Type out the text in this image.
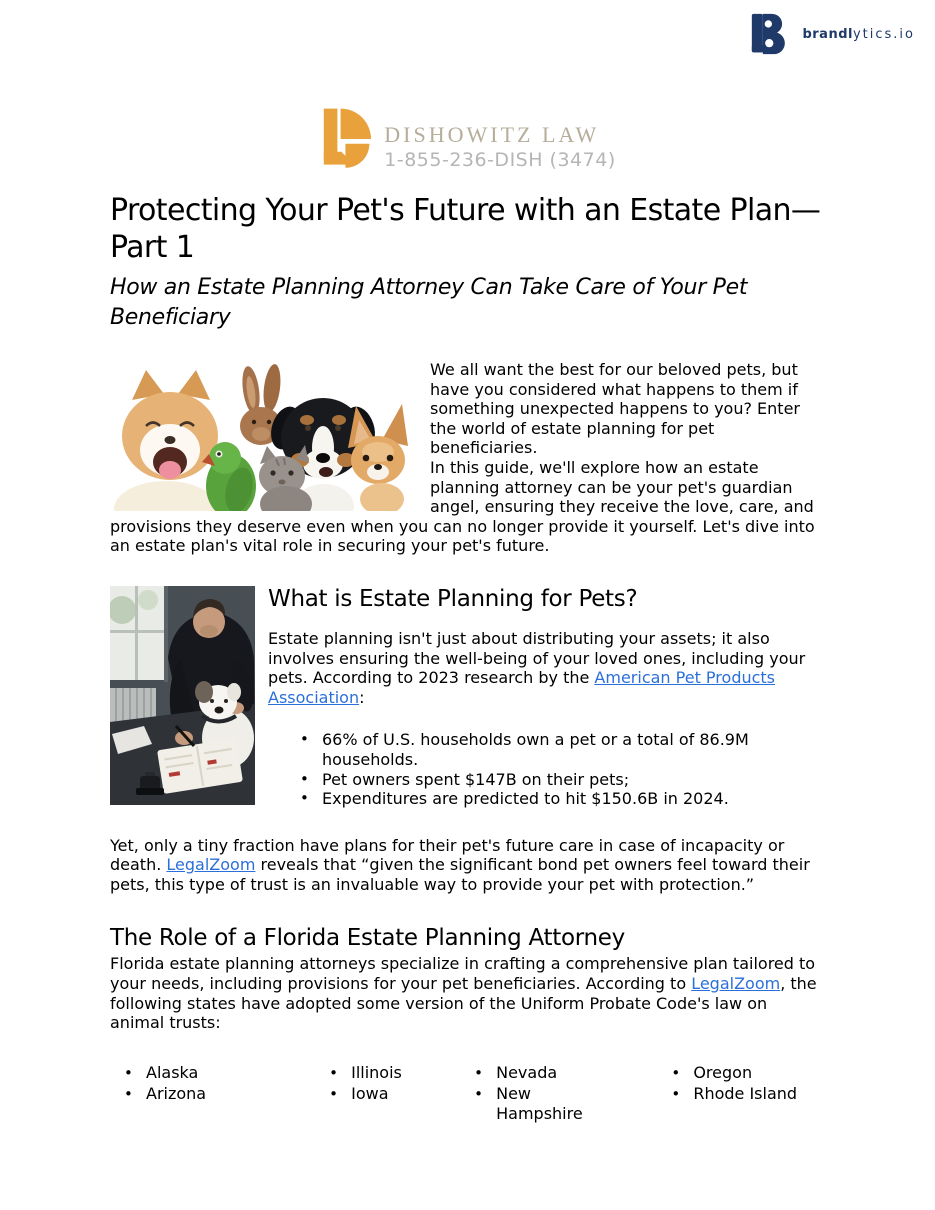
brandlytics.io
DISHOWITZ LAW
1-855-236-DISH (3474)
Protecting Your Pet's Future with an Estate Plan—Part 1
How an Estate Planning Attorney Can Take Care of Your Pet Beneficiary

We all want the best for our beloved pets, but have you considered what happens to them if something unexpected happens to you? Enter the world of estate planning for pet beneficiaries.

In this guide, we'll explore how an estate planning attorney can be your pet's guardian angel, ensuring they receive the love, care, and provisions they deserve even when you can no longer provide it yourself. Let's dive into an estate plan's vital role in securing your pet's future.

What is Estate Planning for Pets?

Estate planning isn't just about distributing your assets; it also involves ensuring the well-being of your loved ones, including your pets. According to 2023 research by the American Pet Products Association:

• 66% of U.S. households own a pet or a total of 86.9M households.
• Pet owners spent $147B on their pets;
• Expenditures are predicted to hit $150.6B in 2024.

Yet, only a tiny fraction have plans for their pet's future care in case of incapacity or death. LegalZoom reveals that “given the significant bond pet owners feel toward their pets, this type of trust is an invaluable way to provide your pet with protection.”

The Role of a Florida Estate Planning Attorney

Florida estate planning attorneys specialize in crafting a comprehensive plan tailored to your needs, including provisions for your pet beneficiaries. According to LegalZoom, the following states have adopted some version of the Uniform Probate Code's law on animal trusts:

• Alaska
• Arizona
• Illinois
• Iowa
• Nevada
• New Hampshire
• Oregon
• Rhode Island
